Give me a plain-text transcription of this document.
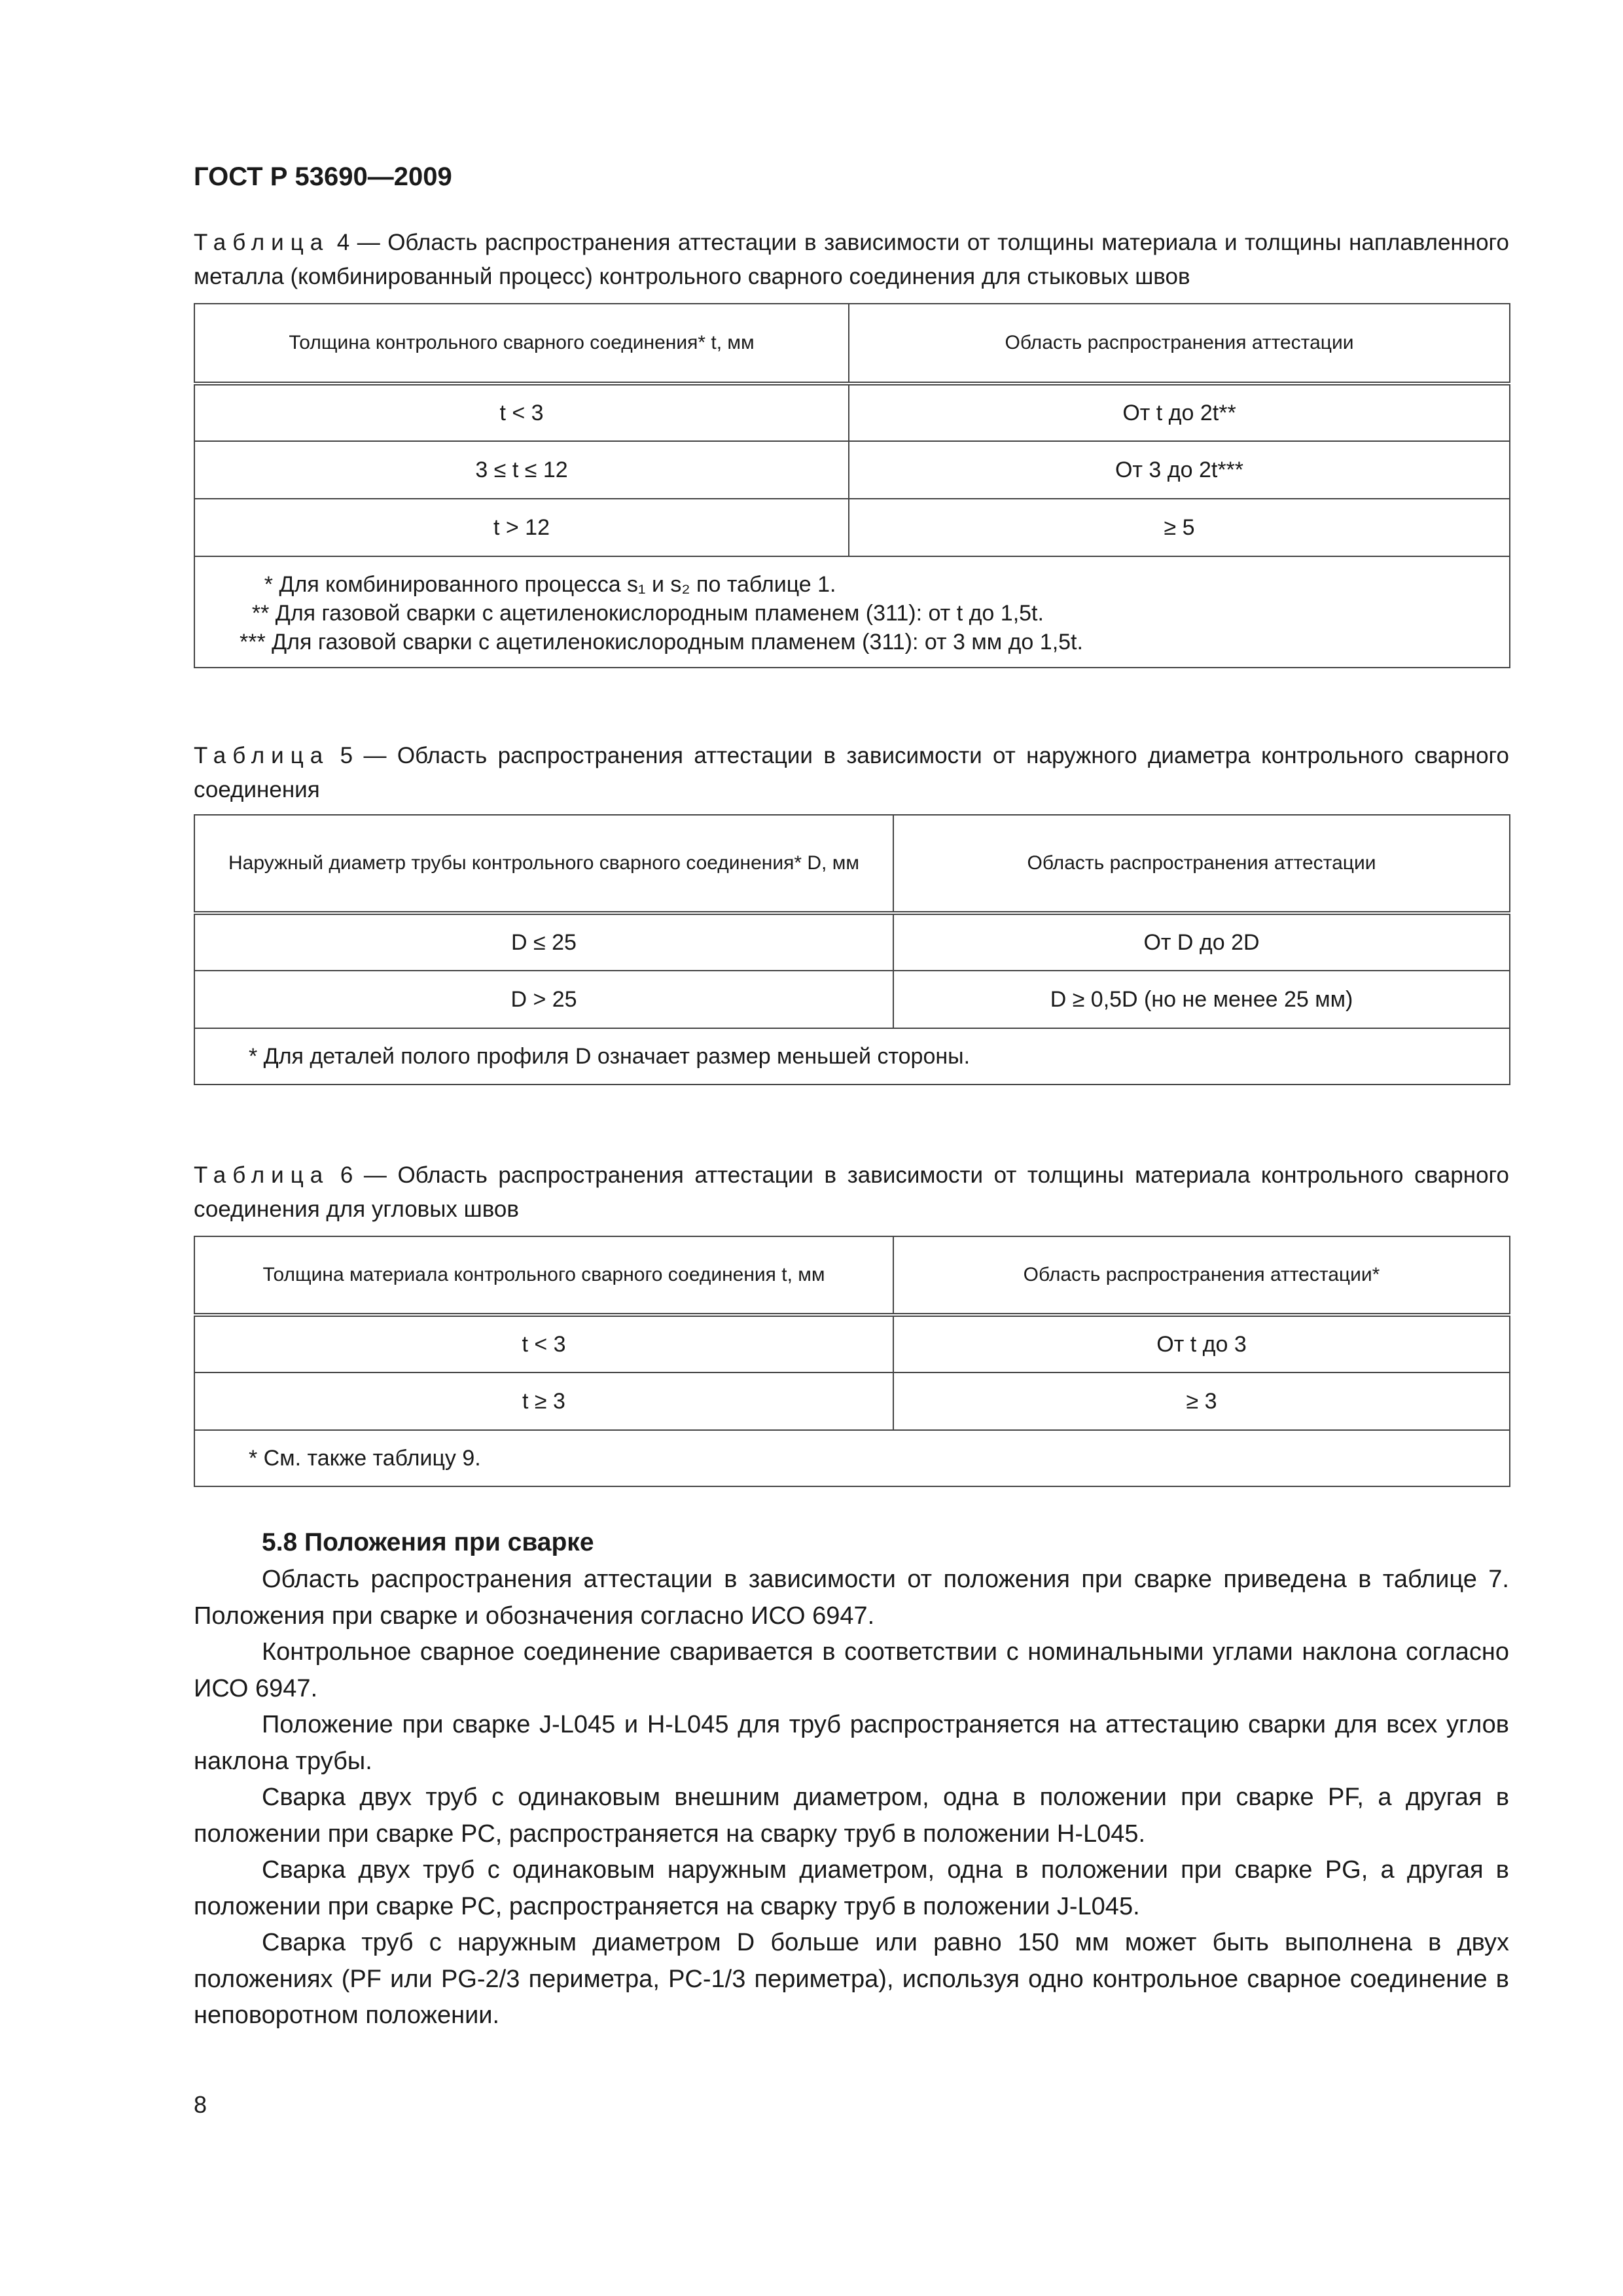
ГОСТ Р 53690—2009
Таблица 4 — Область распространения аттестации в зависимости от толщины материала и толщины наплавленного металла (комбинированный процесс) контрольного сварного соединения для стыковых швов
Толщина контрольного сварного соединения* t, мм	Область распространения аттестации
t < 3	От t до 2t**
3 ≤ t ≤ 12	От 3 до 2t***
t > 12	≥ 5

* Для комбинированного процесса s₁ и s₂ по таблице 1.
** Для газовой сварки с ацетиленокислородным пламенем (311): от t до 1,5t.
*** Для газовой сварки с ацетиленокислородным пламенем (311): от 3 мм до 1,5t.	
Таблица 5 — Область распространения аттестации в зависимости от наружного диаметра контрольного сварного соединения
Наружный диаметр трубы контрольного сварного соединения* D, мм	Область распространения аттестации
D ≤ 25	От D до 2D
D > 25	D ≥ 0,5D (но не менее 25 мм)

* Для деталей полого профиля D означает размер меньшей стороны.	
Таблица 6 — Область распространения аттестации в зависимости от толщины материала контрольного сварного соединения для угловых швов
Толщина материала контрольного сварного соединения t, мм	Область распространения аттестации*
t < 3	От t до 3
t ≥ 3	≥ 3

* См. также таблицу 9.	
5.8 Положения при сварке

Область распространения аттестации в зависимости от положения при сварке приведена в таблице 7. Положения при сварке и обозначения согласно ИСО 6947.

Контрольное сварное соединение сваривается в соответствии с номинальными углами наклона согласно ИСО 6947.

Положение при сварке J-L045 и H-L045 для труб распространяется на аттестацию сварки для всех углов наклона трубы.

Сварка двух труб с одинаковым внешним диаметром, одна в положении при сварке PF, а другая в положении при сварке PC, распространяется на сварку труб в положении H-L045.

Сварка двух труб с одинаковым наружным диаметром, одна в положении при сварке PG, а другая в положении при сварке PC, распространяется на сварку труб в положении J-L045.

Сварка труб с наружным диаметром D больше или равно 150 мм может быть выполнена в двух положениях (PF или PG-2/3 периметра, PC-1/3 периметра), используя одно контрольное сварное соединение в неповоротном положении.

8
